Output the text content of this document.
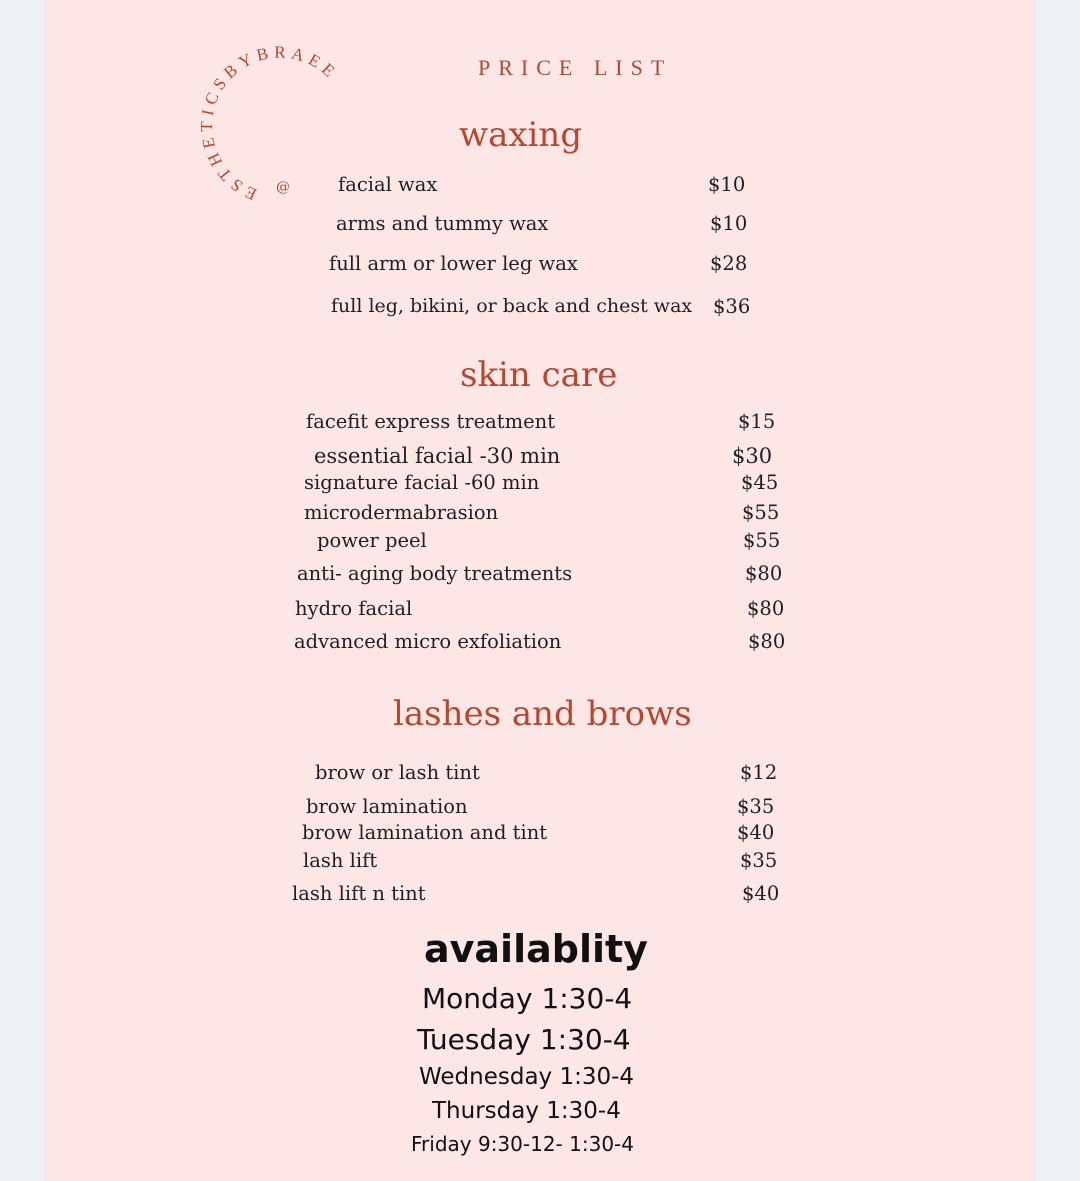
ESTHETICSBYBRAEE
@
PRICE LIST
waxing
facial wax	$10
arms and tummy wax	$10
full arm or lower leg wax	$28
full leg, bikini, or back and chest wax $36
skin care
facefit express treatment	$15
essential facial -30 min	$30
signature facial -60 min	$45
microdermabrasion	$55
power peel	$55
anti- aging body treatments	$80
hydro facial	$80
advanced micro exfoliation	$80
lashes and brows
brow or lash tint	$12
brow lamination	$35
brow lamination and tint	$40
lash lift	$35
lash lift n tint	$40
availablity
Monday 1:30-4
Tuesday 1:30-4
Wednesday 1:30-4
Thursday 1:30-4
Friday 9:30-12- 1:30-4
